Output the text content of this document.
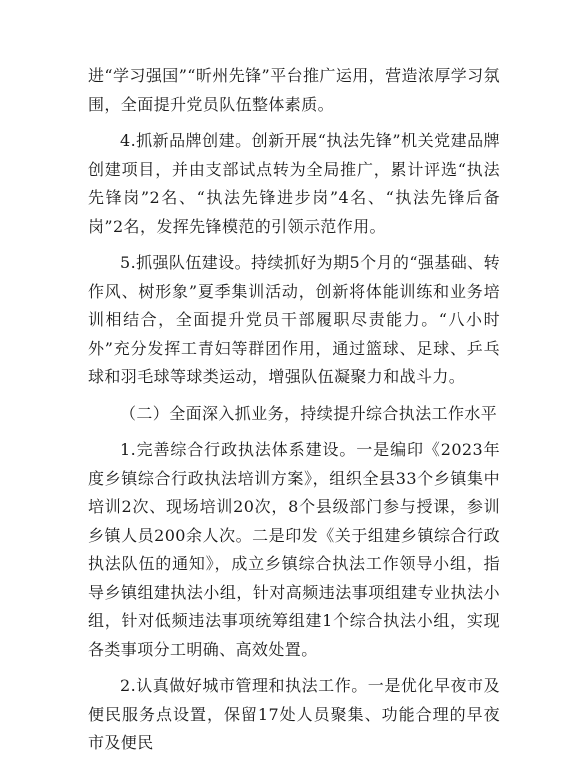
进“学习强国”“昕州先锋”平台推广运用，营造浓厚学习氛围，全面提升党员队伍整体素质。

4.抓新品牌创建。创新开展“执法先锋”机关党建品牌创建项目，并由支部试点转为全局推广，累计评选“执法先锋岗”2名、“执法先锋进步岗”4名、“执法先锋后备岗”2名，发挥先锋模范的引领示范作用。

5.抓强队伍建设。持续抓好为期5个月的“强基础、转作风、树形象”夏季集训活动，创新将体能训练和业务培训相结合，全面提升党员干部履职尽责能力。“八小时外”充分发挥工青妇等群团作用，通过篮球、足球、乒乓球和羽毛球等球类运动，增强队伍凝聚力和战斗力。

（二）全面深入抓业务，持续提升综合执法工作水平

1.完善综合行政执法体系建设。一是编印《2023年度乡镇综合行政执法培训方案》，组织全县33个乡镇集中培训2次、现场培训20次，8个县级部门参与授课，参训乡镇人员200余人次。二是印发《关于组建乡镇综合行政执法队伍的通知》，成立乡镇综合执法工作领导小组，指导乡镇组建执法小组，针对高频违法事项组建专业执法小组，针对低频违法事项统筹组建1个综合执法小组，实现各类事项分工明确、高效处置。

2.认真做好城市管理和执法工作。一是优化早夜市及便民服务点设置，保留17处人员聚集、功能合理的早夜市及便民
